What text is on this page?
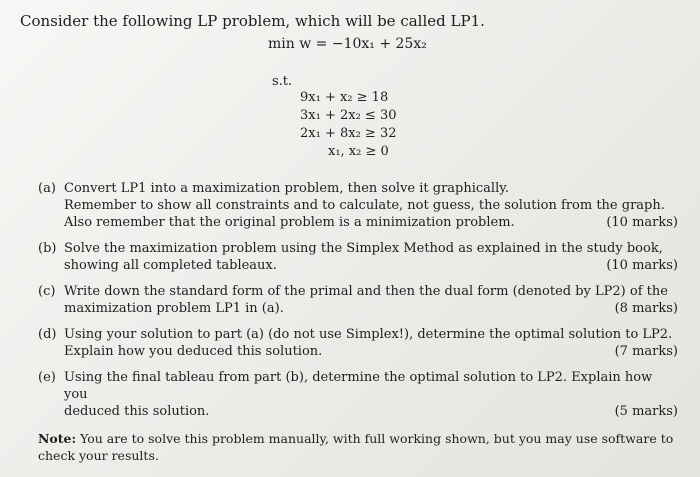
Consider the following LP problem, which will be called LP1.
min w = −10x₁ + 25x₂
s.t.
9x₁ + x₂ ≥ 18
3x₁ + 2x₂ ≤ 30
2x₁ + 8x₂ ≥ 32
x₁, x₂ ≥ 0
(a) Convert LP1 into a maximization problem, then solve it graphically.
Remember to show all constraints and to calculate, not guess, the solution from the graph.
(10 marks)
Also remember that the original problem is a minimization problem.
(b) Solve the maximization problem using the Simplex Method as explained in the study book,
(10 marks)
showing all completed tableaux.
(c) Write down the standard form of the primal and then the dual form (denoted by LP2) of the
(8 marks)
maximization problem LP1 in (a).
(d) Using your solution to part (a) (do not use Simplex!), determine the optimal solution to LP2.
(7 marks)
Explain how you deduced this solution.
(e) Using the final tableau from part (b), determine the optimal solution to LP2. Explain how you
(5 marks)
deduced this solution.
Note: You are to solve this problem manually, with full working shown, but you may use software to check your results.
